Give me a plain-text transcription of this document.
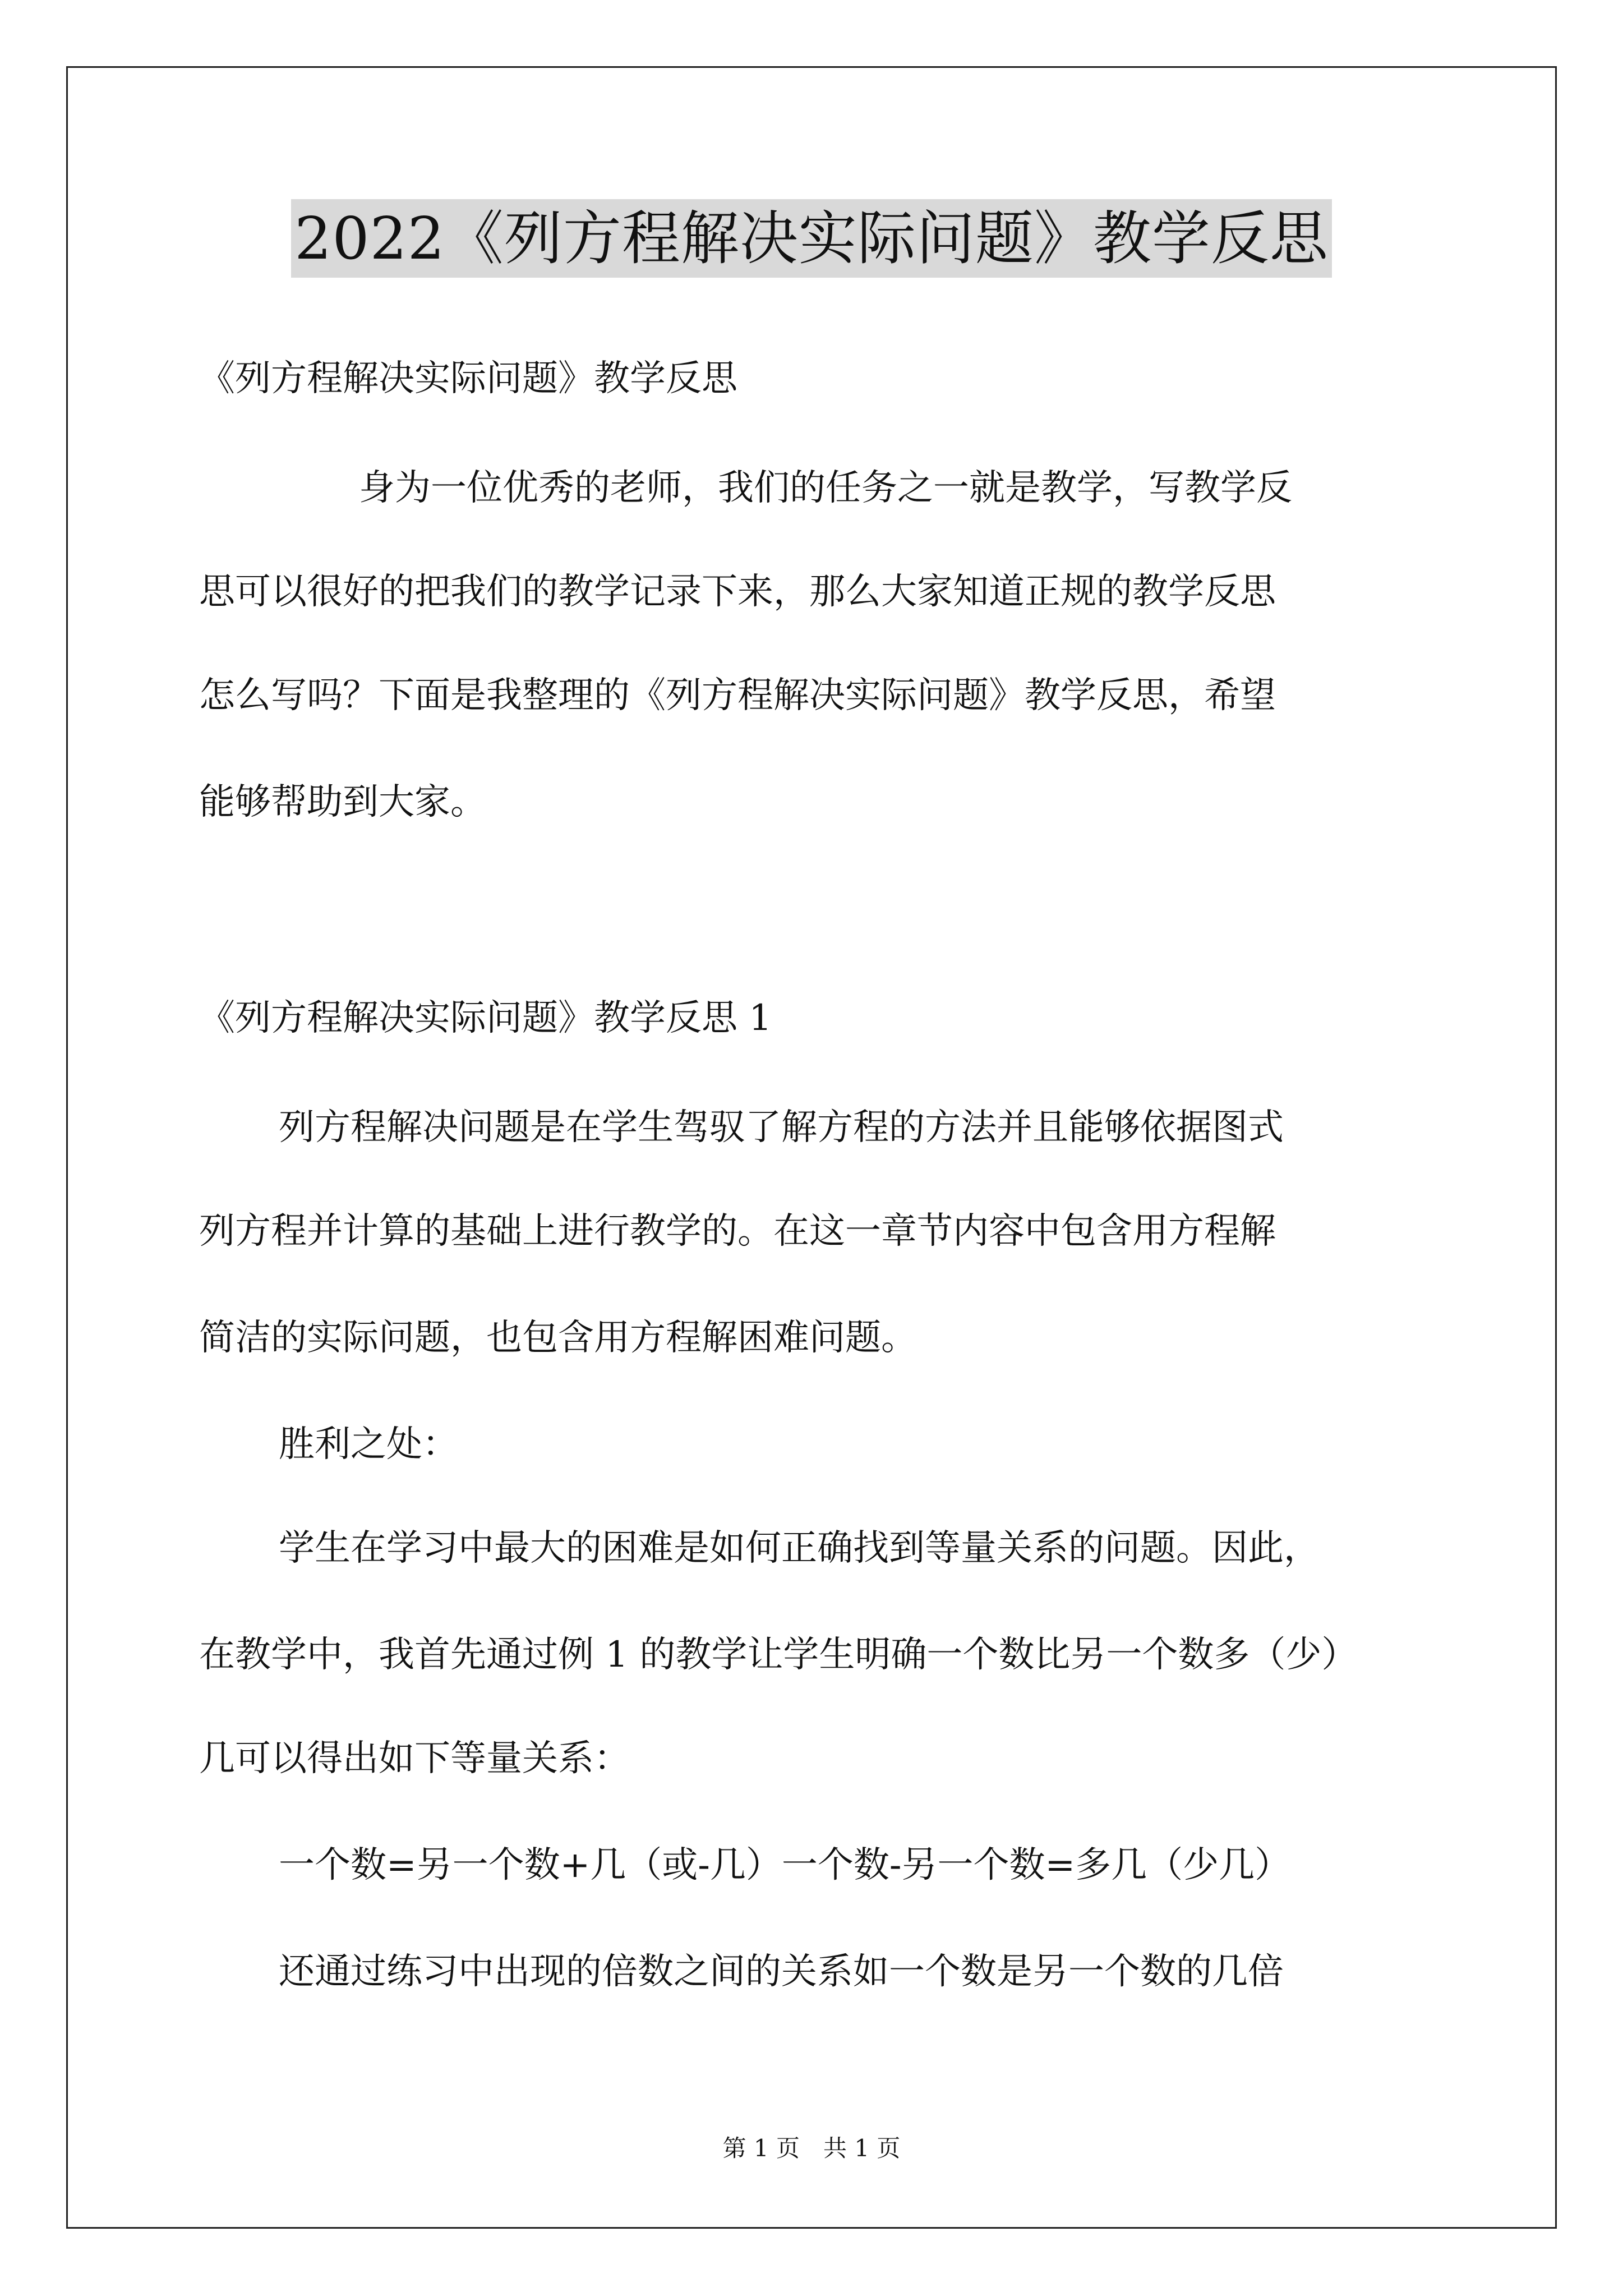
2022《列方程解决实际问题》教学反思
《列方程解决实际问题》教学反思
身为一位优秀的老师，我们的任务之一就是教学，写教学反
思可以很好的把我们的教学记录下来，那么大家知道正规的教学反思
怎么写吗？下面是我整理的《列方程解决实际问题》教学反思，希望
能够帮助到大家。
《列方程解决实际问题》教学反思 1
列方程解决问题是在学生驾驭了解方程的方法并且能够依据图式
列方程并计算的基础上进行教学的。在这一章节内容中包含用方程解
简洁的实际问题，也包含用方程解困难问题。
胜利之处：
学生在学习中最大的困难是如何正确找到等量关系的问题。因此，
在教学中，我首先通过例 1 的教学让学生明确一个数比另一个数多（少）
几可以得出如下等量关系：
一个数=另一个数+几（或-几）一个数-另一个数=多几（少几）
还通过练习中出现的倍数之间的关系如一个数是另一个数的几倍
第 1 页　共 1 页
